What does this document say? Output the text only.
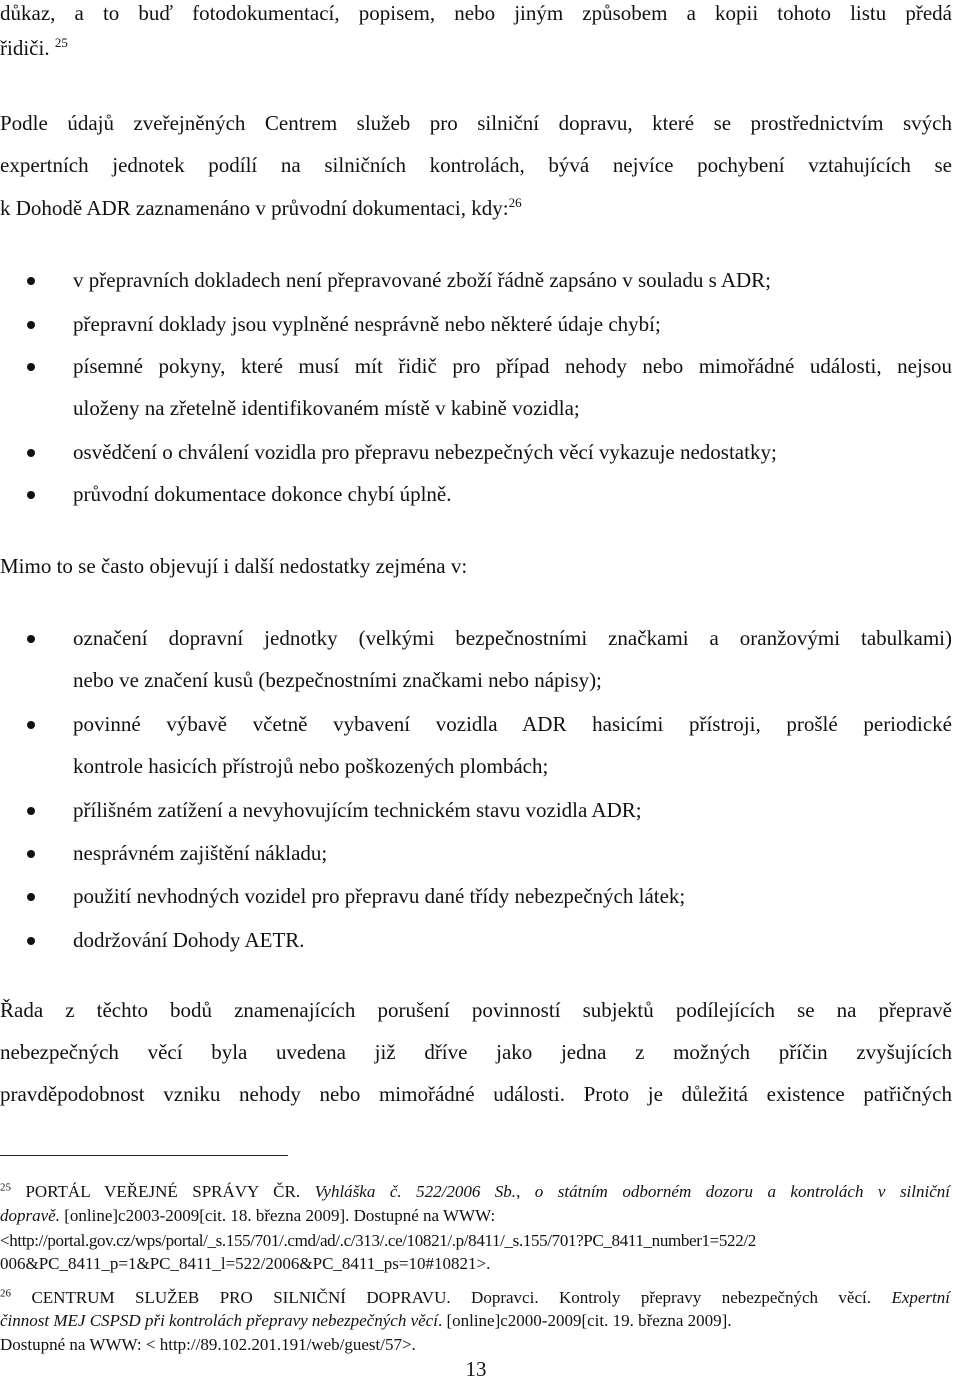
důkaz, a to buď fotodokumentací, popisem, nebo jiným způsobem a kopii tohoto listu předá
řidiči. $^{25}$
Podle údajů zveřejněných Centrem služeb pro silniční dopravu, které se prostřednictvím svých
expertních jednotek podílí na silničních kontrolách, bývá nejvíce pochybení vztahujících se
k Dohodě ADR zaznamenáno v průvodní dokumentaci, kdy:$^{26}$
v přepravních dokladech není přepravované zboží řádně zapsáno v souladu s ADR;
přepravní doklady jsou vyplněné nesprávně nebo některé údaje chybí;
písemné pokyny, které musí mít řidič pro případ nehody nebo mimořádné události, nejsou
uloženy na zřetelně identifikovaném místě v kabině vozidla;
osvědčení o chválení vozidla pro přepravu nebezpečných věcí vykazuje nedostatky;
průvodní dokumentace dokonce chybí úplně.
Mimo to se často objevují i další nedostatky zejména v:
označení dopravní jednotky (velkými bezpečnostními značkami a oranžovými tabulkami)
nebo ve značení kusů (bezpečnostními značkami nebo nápisy);
povinné výbavě včetně vybavení vozidla ADR hasicími přístroji, prošlé periodické
kontrole hasicích přístrojů nebo poškozených plombách;
přílišném zatížení a nevyhovujícím technickém stavu vozidla ADR;
nesprávném zajištění nákladu;
použití nevhodných vozidel pro přepravu dané třídy nebezpečných látek;
dodržování Dohody AETR.
Řada z těchto bodů znamenajících porušení povinností subjektů podílejících se na přepravě
nebezpečných věcí byla uvedena již dříve jako jedna z možných příčin zvyšujících
pravděpodobnost vzniku nehody nebo mimořádné události. Proto je důležitá existence patřičných
$^{25}$ PORTÁL VEŘEJNÉ SPRÁVY ČR. Vyhláška č. 522/2006 Sb., o státním odborném dozoru a kontrolách v silniční
dopravě. [online]c2003-2009[cit. 18. března 2009]. Dostupné na WWW:
<http://portal.gov.cz/wps/portal/_s.155/701/.cmd/ad/.c/313/.ce/10821/.p/8411/_s.155/701?PC_8411_number1=522/2
006&PC_8411_p=1&PC_8411_l=522/2006&PC_8411_ps=10#10821>.
$^{26}$ CENTRUM SLUŽEB PRO SILNIČNÍ DOPRAVU. Dopravci. Kontroly přepravy nebezpečných věcí. Expertní
činnost MEJ CSPSD při kontrolách přepravy nebezpečných věcí. [online]c2000-2009[cit. 19. března 2009].
Dostupné na WWW: < http://89.102.201.191/web/guest/57>.
13
